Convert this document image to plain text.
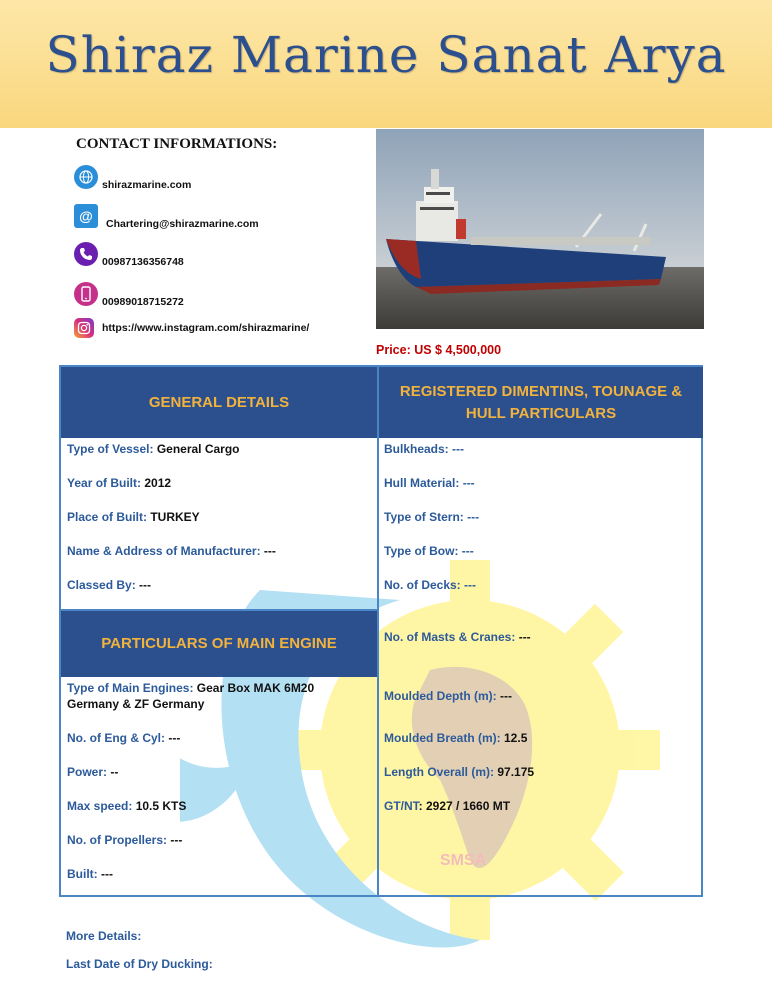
Shiraz Marine Sanat Arya
SMSA
CONTACT INFORMATIONS:
shirazmarine.com
@ Chartering@shirazmarine.com
00987136356748
00989018715272
https://www.instagram.com/shirazmarine/
Price: US $ 4,500,000
GENERAL DETAILS
REGISTERED DIMENTINS, TOUNAGE & HULL PARTICULARS
PARTICULARS OF MAIN ENGINE
Type of Vessel: General Cargo
Year of Built: 2012
Place of Built: TURKEY
Name & Address of Manufacturer: ---
Classed By: ---
Type of Main Engines: Gear Box MAK 6M20 Germany & ZF Germany
No. of Eng & Cyl: ---
Power: --
Max speed: 10.5 KTS
No. of Propellers: ---
Built: ---
Bulkheads: ---
Hull Material: ---
Type of Stern: ---
Type of Bow: ---
No. of Decks: ---
No. of Masts & Cranes: ---
Moulded Depth (m): ---
Moulded Breath (m): 12.5
Length Overall (m): 97.175
GT/NT: 2927 / 1660 MT
More Details:
Last Date of Dry Ducking:
